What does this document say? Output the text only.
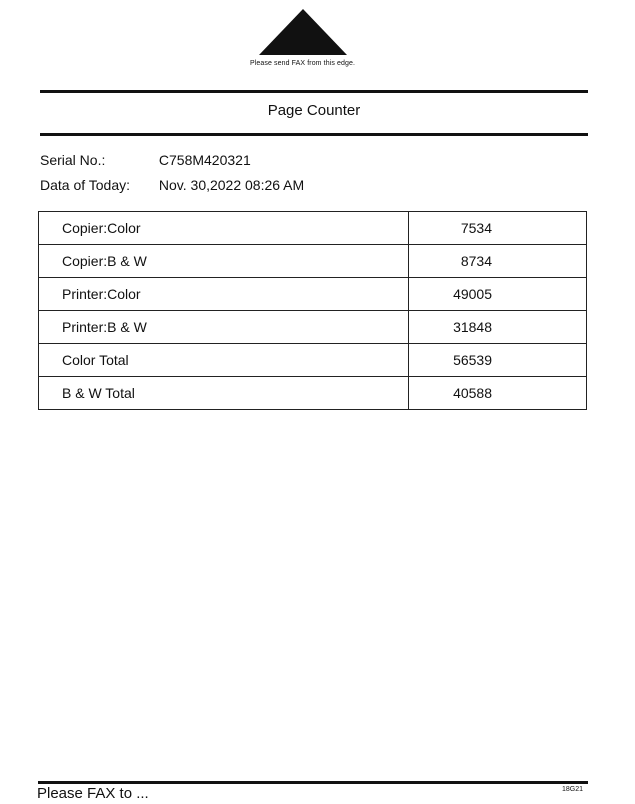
Please send FAX from this edge.
Page Counter
Serial No.:	C758M420321
Data of Today: Nov. 30,2022 08:26 AM
Copier:Color	7534
Copier:B & W	8734
Printer:Color	49005
Printer:B & W	31848
Color Total	56539
B & W Total	40588
Please FAX to ...	18G21
